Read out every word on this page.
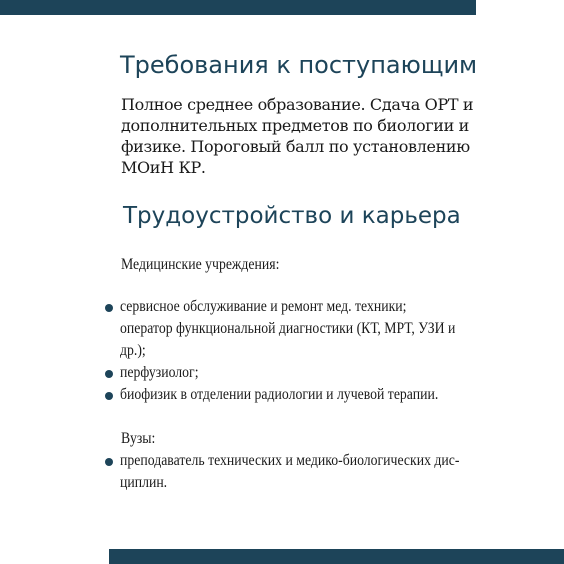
Требования к поступающим

Полное среднее образование. Сдача ОРТ и
дополнительных предметов по биологии и
физике. Пороговый балл по установлению
МОиН КР.

Трудоустройство и карьера

Медицинские учреждения:

сервисное обслуживание и ремонт мед. техники;

оператор функциональной диагностики (КТ, МРТ, УЗИ и

др.);

перфузиолог;

биофизик в отделении радиологии и лучевой терапии.

Вузы:

преподаватель технических и медико-биологических дис-

циплин.
